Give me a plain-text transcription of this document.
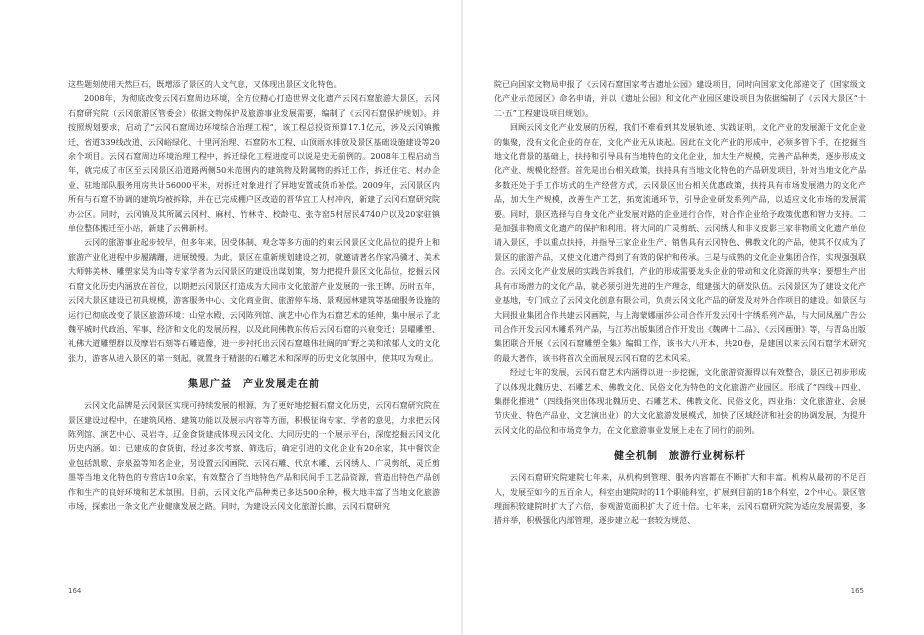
这些题刻使用天然巨石，既增添了景区的人文气息，又体现出景区文化特色。

2008年，为彻底改变云冈石窟周边环境，全方位精心打造世界文化遗产云冈石窟旅游大景区，云冈石窟研究院（云冈旅游区管委会）依据文物保护及旅游事业发展需要，编制了《云冈石窟保护规划》。并按照规划要求，启动了“云冈石窟周边环境综合治理工程”，该工程总投资预算17.1亿元，涉及云冈镇搬迁、省道339线改道、云冈峪绿化、十里河治理、石窟防水工程、山顶雨水排放及景区基础设施建设等20余个项目。云冈石窟周边环境治理工程中，拆迁绿化工程进度可以说是史无前例的。2008年工程启动当年，就完成了市区至云冈景区沿道路两侧50米范围内的建筑物及附属物的拆迁工作，拆迁住宅、村办企业、驻地部队服务用房共计56000平米，对拆迁对象进行了异地安置或货币补偿。2009年，云冈景区内所有与石窟不协调的建筑均被拆除，并在已完成棚户区改造的晋华宜工人村冲内，新建了云冈石窟研究院办公区。同时，云冈镇及其所属云冈村、麻村、竹林寺、校龄屯、张寺窑5村居民4740户以及20家驻镇单位整体搬迁至小站，新建了云佛新村。

云冈的旅游事业起步较早，但多年来，因受体制、观念等多方面的约束云冈景区文化品位的提升上和旅游产业化进程中步履蹒跚，进展缓慢。为此，景区在重新规划建设之初，就邀请著名作家冯骥才、美术大师韩美林、雕塑家吴为山等专家学者为云冈景区的建设出谋划策，努力把提升景区文化品位，挖掘云冈石窟文化历史内涵放在首位，以期把云冈景区打造成为大同市文化旅游产业发展的一张王牌。历时五年，云冈大景区建设已初具规模，游客服务中心、文化商业街、旅游停车场、景观园林建筑等基础服务设施的运行已彻底改变了景区旅游环境：山堂水殿、云冈陈列馆、演艺中心作为石窟艺术的延伸，集中展示了北魏平城时代政治、军事、经济和文化的发展历程，以及此间佛教东传后云冈石窟的兴衰变迁；昙曜雕塑、礼佛大道雕塑群以及摩岩石刻等石雕造像，进一步衬托出云冈石窟雄伟壮阔的旷野之美和浓郁人文的文化张力，游客从进入景区的第一刻起，就置身于精湛的石雕艺术和深厚的历史文化氛围中，使其叹为观止。

集思广益　产业发展走在前

云冈文化品牌是云冈景区实现可持续发展的根源，为了更好地挖掘石窟文化历史，云冈石窟研究院在景区建设过程中，在建筑风格、建筑功能以及展示内容等方面，积极征询专家、学者的意见，力求把云冈陈列馆、演艺中心、灵岩寺、辽金食货建成体现云冈文化、大同历史的一个展示平台，深度挖掘云冈文化历史内涵。如：已建成的食货街，经过多次考察、筛选后，确定引进的文化企业有20余家，其中餐饮企业包括凯歌、奈泉盈等知名企业，另设置云冈画院、云冈石雕、代京木雕、云冈绣人、广灵剪纸、灵丘剪墨等当地文化特色的专营店10余家，有效整合了当地特色产品和民间手工艺品资源，营造出特色产品创作和生产的良好环境和艺术氛围。目前，云冈文化产品种类已多达500余种，极大地丰富了当地文化旅游市场，探索出一条文化产业健康发展之路。同时，为建设云冈文化旅游长廊，云冈石窟研究

164

院已向国家文物局申报了《云冈石窟国家考古遗址公园》建设项目，同时向国家文化部递交了《国家级文化产业示范园区》命名申请，并以《遗址公园》和文化产业园区建设项目为依据编制了《云冈大景区“十二·五”工程建设项目规划》。

回顾云冈文化产业发展的历程，我们不难看到其发展轨迹、实践证明，文化产业的发展源于文化企业的集聚，没有文化企业的存在，文化产业无从谈起。因此在文化产业的形成中，必须多管下手，在挖掘当地文化背景的基础上，扶持和引导具有当地特色的文化企业，加大生产规模，完善产品种类，逐步形成文化产业、规模化经营。首先是出台相关政策，扶持具有当地文化特色的产品研发项目，针对当地文化产品多数还处于手工作坊式的生产经营方式，云冈景区出台相关优惠政策，扶持具有市场发展潜力的文化产品，加大生产规模，改善生产工艺，拓宽流通环节，引导企业研发系列产品，以适应文化市场的发展需要。同时，景区选择与自身文化产业发展对路的企业进行合作，对合作企业给予政策优惠和智力支持。二是加强非物质文化遗产的保护和利用。将大同的广灵剪纸、云冈绣人和非义皮影三家非物质文化遗产单位请入景区，手以重点扶持，并指导三家企业生产、销售具有云冈特色、佛教文化的产品，使其不仅成为了景区的旅游产品，又使文化遗产得到了有效的保护和传承。三是与成熟的文化企业集团合作，实现强强联合。云冈文化产业发展的实践告诉我们，产业的形成需要龙头企业的带动和文化资源的共享；要想生产出具有市场潜力的文化产品，就必须引进先进的生产理念，组建强大的研发队伍。云冈景区为了建设文化产业基地，专门成立了云冈文化创意有限公司，负责云冈文化产品的研发及对外合作项目的建设。如景区与大同报业集团合作共建云冈画院，与上海蒙娜丽莎公司合作开发云冈十字绣系列产品，与大同凤凰广告公司合作开发云冈木雕系列产品，与江苏出版集团合作开发出《魏碑十二品》、《云冈画册》等，与青岛出版集团联合开展《云冈石窟雕塑全集》编辑工作，该书大八开本，共20卷，是建国以来云冈石窟学术研究的最大著作，该书将首次全面展现云冈石窟的艺术风采。

经过七年的发展，云冈石窟艺术内涵得以进一步挖掘，文化旅游资源得以有效整合，景区已初步形成了以体现北魏历史、石雕艺术、佛教文化、民俗文化为特色的文化旅游产业园区。形成了“四线＋四业、集群化推进”（四线指突出体现北魏历史、石雕艺术、佛教文化、民俗文化，四业指：文化旅游业、会展节庆业、特色产品业、文艺演出业）的大文化旅游发展模式，加快了区域经济和社会的协调发展，为提升云冈文化的品位和市场竞争力，在文化旅游事业发展上走在了同行的前列。

健全机制　旅游行业树标杆

云冈石窟研究院建院七年来，从机构到管理、服务内容都在不断扩大和丰富。机构从最初的不足百人，发展至如今的五百余人，科室由建院时的11个职能科室，扩展到目前的18个科室，2个中心。景区管理面积较建院时扩大了六倍，参观游览面积扩大了近十倍。七年来，云冈石窟研究院为适应发展需要，多措并举，积极强化内部管理，逐步建立起一套较为规范、

165
